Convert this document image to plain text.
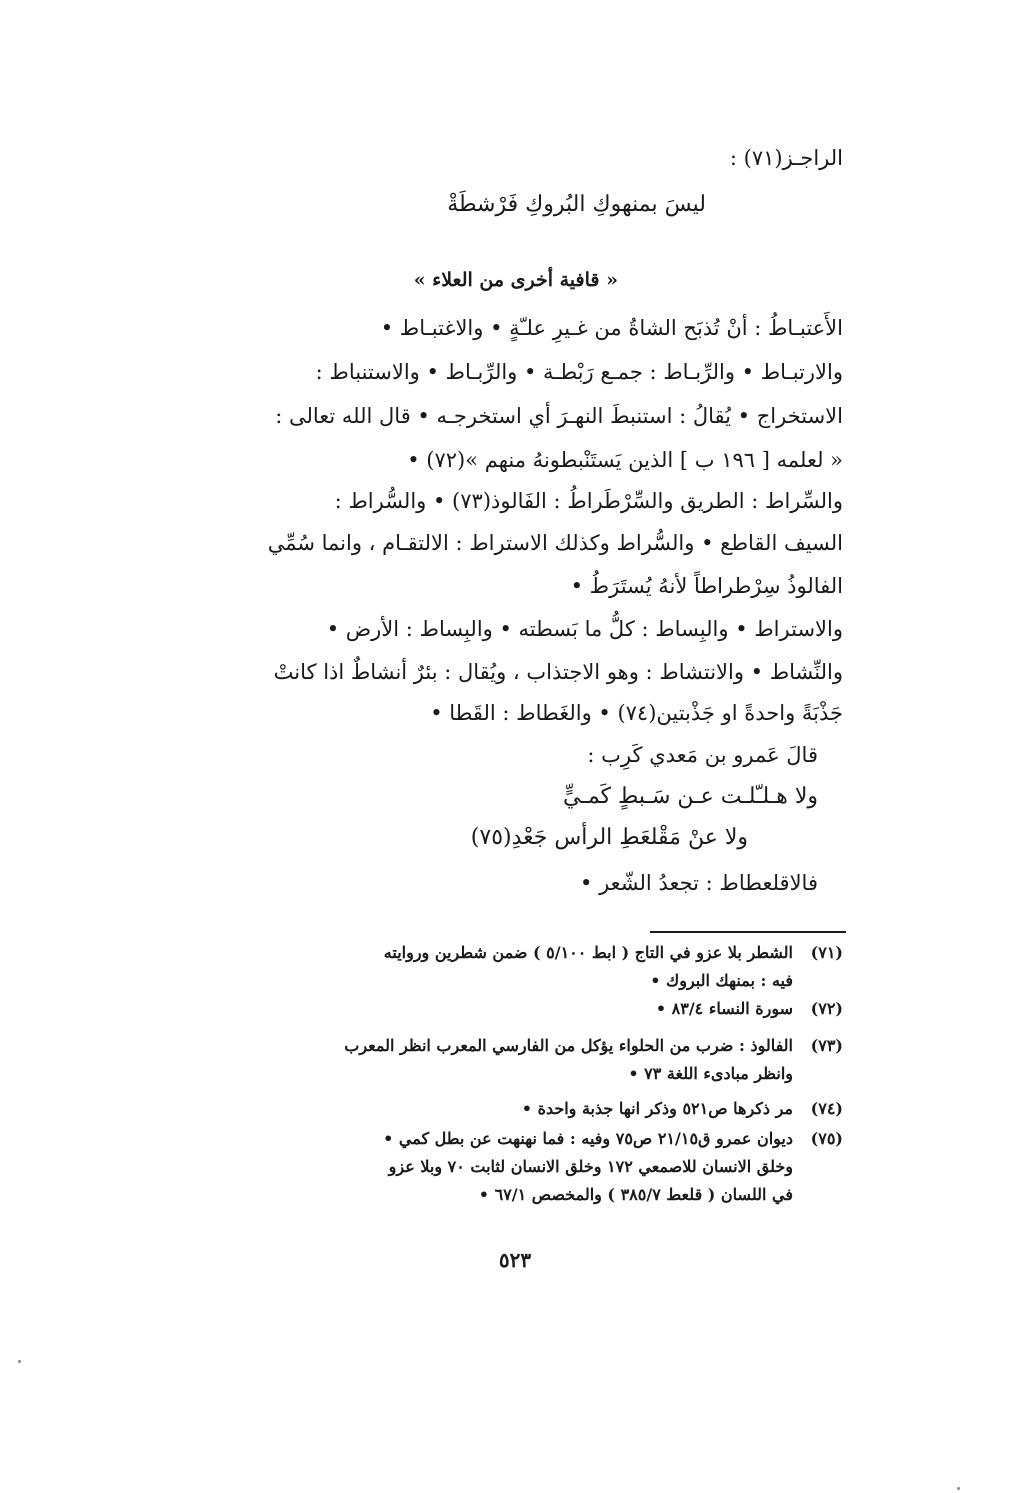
الراجـز(٧١) :
ليسَ بمنهوكِ البُروكِ فَرْشطَةْ
« قافية أخرى من العلاء »
الأَعتبـاطُ : أنْ تُذبَح الشاةُ من غـيرِ علـّةٍ • والاغتبـاط •
والارتبـاط • والرِّبـاط : جمـع رَبْطـة • والرِّبـاط • والاستنباط :
الاستخراج • يُقالُ : استنبطَ النهـرَ أي استخرجـه • قال الله تعالى :
« لعلمه [ ١٩٦ ب ] الذين يَستَنْبطونهُ منهم »(٧٢) •
والسِّراط : الطريق والسِّرْطَراطُ : الفَالوذ(٧٣) • والسُّراط :
السيف القاطع • والسُّراط وكذلك الاستراط : الالتقـام ، وانما سُمِّي
الفالوذُ سِرْطراطاً لأنهُ يُستَرَطُ •
والاستراط • والبِساط : كلُّ ما بَسطته • والبِساط : الأرض •
والنِّشاط • والانتشاط : وهو الاجتذاب ، ويُقال : بئرٌ أنشاطٌ اذا كانتْ
جَذْبَةً واحدةً او جَذْبتين(٧٤) • والغَطاط : القَطا •
قالَ عَمرو بن مَعدي كَرِب :
ولا هـلـّلـت عـن سَـبطٍ كَمـيٍّ
ولا عنْ مَقْلعَطِ الرأس جَعْدِ(٧٥)
فالاقلعطاط : تجعدُ الشّعر •
(٧١)
الشطر بلا عزو في التاج ( ابط ٥/١٠٠ ) ضمن شطرين وروايته
فيه : بمنهك البروك •
(٧٢)
سورة النساء ٨٣/٤ •
(٧٣)
الفالوذ : ضرب من الحلواء يؤكل من الفارسي المعرب انظر المعرب
وانظر مبادىء اللغة ٧٣ •
(٧٤)
مر ذكرها ص٥٢١ وذكر انها جذبة واحدة •
(٧٥)
ديوان عمرو ق٢١/١٥ ص٧٥ وفيه : فما نهنهت عن بطل كمي •
وخلق الانسان للاصمعي ١٧٢ وخلق الانسان لثابت ٧٠ وبلا عزو
في اللسان ( قلعط ٣٨٥/٧ ) والمخصص ٦٧/١ •
٥٢٣
